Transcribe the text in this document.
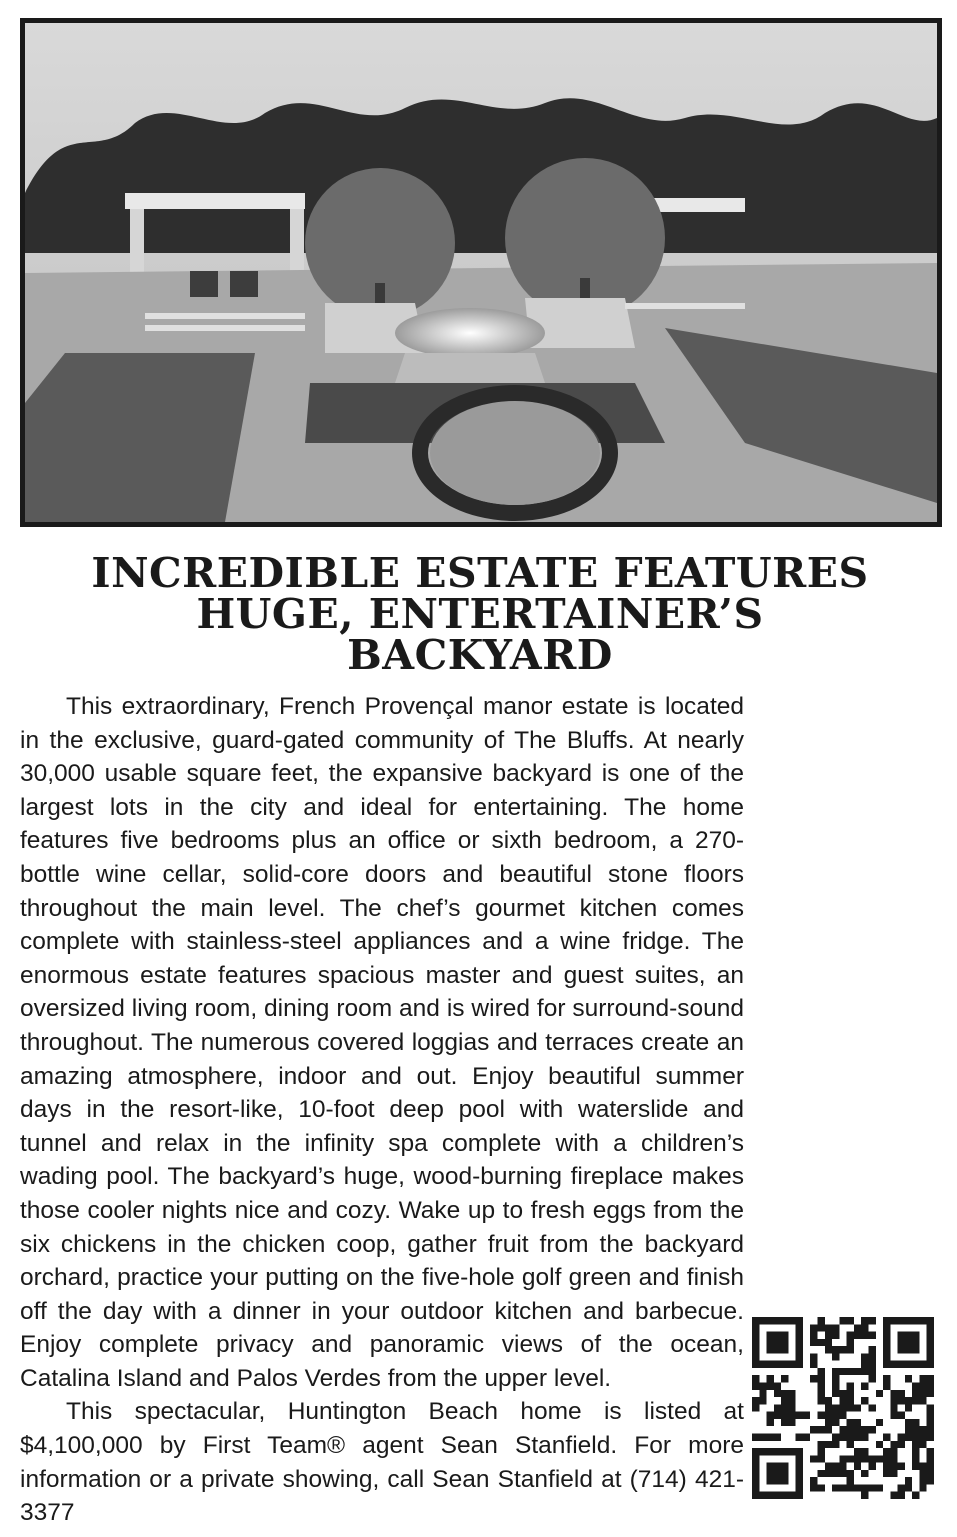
INCREDIBLE ESTATE FEATURES
HUGE, ENTERTAINER’S
BACKYARD

This extraordinary, French Provençal manor estate is located in the exclusive, guard-gated community of The Bluffs. At nearly 30,000 usable square feet, the expansive backyard is one of the largest lots in the city and ideal for entertaining. The home features five bedrooms plus an office or sixth bedroom, a 270-bottle wine cellar, solid-core doors and beautiful stone floors throughout the main level. The chef’s gourmet kitchen comes complete with stainless-steel appliances and a wine fridge. The enormous estate features spacious master and guest suites, an oversized living room, dining room and is wired for surround-sound throughout. The numerous covered loggias and terraces create an amazing atmosphere, indoor and out. Enjoy beautiful summer days in the resort-like, 10-foot deep pool with waterslide and tunnel and relax in the infinity spa complete with a children’s wading pool. The backyard’s huge, wood-burning fireplace makes those cooler nights nice and cozy. Wake up to fresh eggs from the six chickens in the chicken coop, gather fruit from the backyard orchard, practice your putting on the five-hole golf green and finish off the day with a dinner in your outdoor kitchen and barbecue. Enjoy complete privacy and panoramic views of the ocean, Catalina Island and Palos Verdes from the upper level.

This spectacular, Huntington Beach home is listed at $4,100,000 by First Team® agent Sean Stanfield. For more information or a private showing, call Sean Stanfield at (714) 421-3377
